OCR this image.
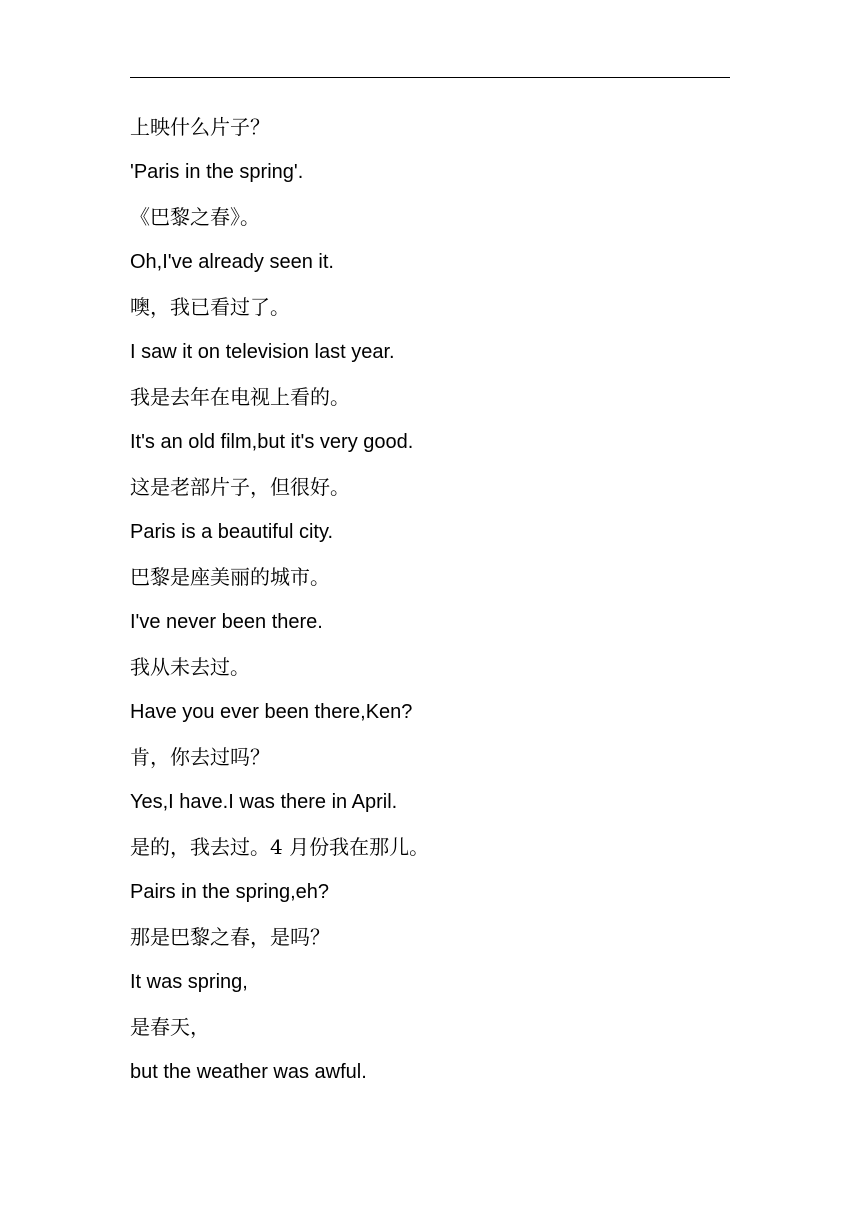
上映什么片子？
'Paris in the spring'.
《巴黎之春》。
Oh,I've already seen it.
噢，我已看过了。
I saw it on television last year.
我是去年在电视上看的。
It's an old film,but it's very good.
这是老部片子，但很好。
Paris is a beautiful city.
巴黎是座美丽的城市。
I've never been there.
我从未去过。
Have you ever been there,Ken?
肯，你去过吗？
Yes,I have.I was there in April.
是的，我去过。4 月份我在那儿。
Pairs in the spring,eh?
那是巴黎之春，是吗？
It was spring,
是春天，
but the weather was awful.
